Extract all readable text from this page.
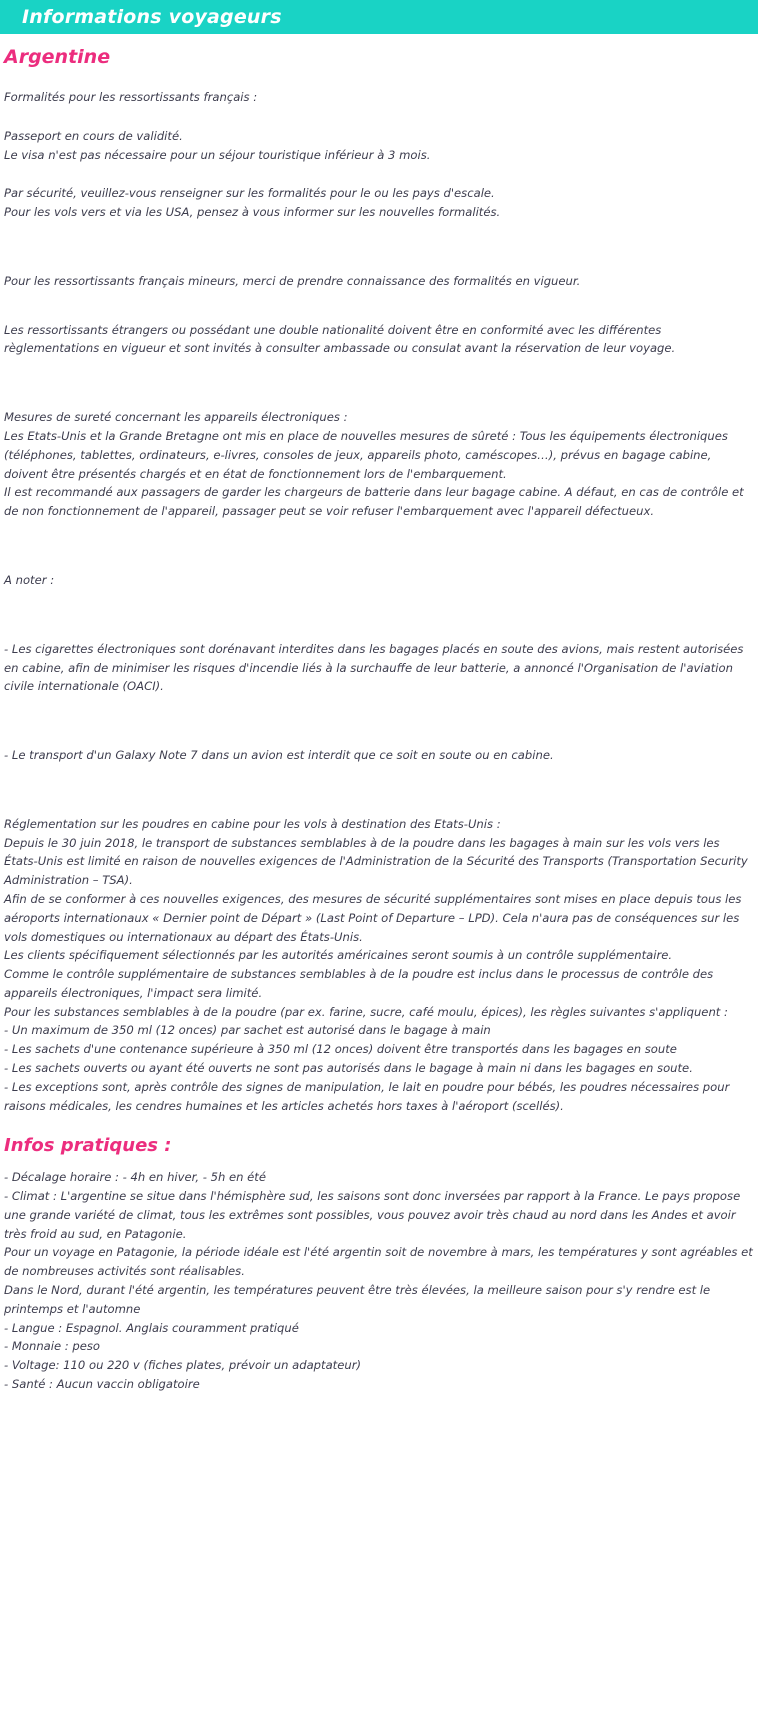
Informations voyageurs
Argentine

Formalités pour les ressortissants français :

Passeport en cours de validité.

Le visa n'est pas nécessaire pour un séjour touristique inférieur à 3 mois.

Par sécurité, veuillez-vous renseigner sur les formalités pour le ou les pays d'escale.

Pour les vols vers et via les USA, pensez à vous informer sur les nouvelles formalités.

Pour les ressortissants français mineurs, merci de prendre connaissance des formalités en vigueur.

Les ressortissants étrangers ou possédant une double nationalité doivent être en conformité avec les différentes règlementations en vigueur et sont invités à consulter ambassade ou consulat avant la réservation de leur voyage.

Mesures de sureté concernant les appareils électroniques :

Les Etats-Unis et la Grande Bretagne ont mis en place de nouvelles mesures de sûreté : Tous les équipements électroniques (téléphones, tablettes, ordinateurs, e-livres, consoles de jeux, appareils photo, caméscopes…), prévus en bagage cabine, doivent être présentés chargés et en état de fonctionnement lors de l'embarquement.

Il est recommandé aux passagers de garder les chargeurs de batterie dans leur bagage cabine. A défaut, en cas de contrôle et de non fonctionnement de l'appareil, passager peut se voir refuser l'embarquement avec l'appareil défectueux.

A noter :

- Les cigarettes électroniques sont dorénavant interdites dans les bagages placés en soute des avions, mais restent autorisées en cabine, afin de minimiser les risques d'incendie liés à la surchauffe de leur batterie, a annoncé l'Organisation de l'aviation civile internationale (OACI).

- Le transport d'un Galaxy Note 7 dans un avion est interdit que ce soit en soute ou en cabine.

Réglementation sur les poudres en cabine pour les vols à destination des Etats-Unis :

Depuis le 30 juin 2018, le transport de substances semblables à de la poudre dans les bagages à main sur les vols vers les États-Unis est limité en raison de nouvelles exigences de l'Administration de la Sécurité des Transports (Transportation Security Administration – TSA).

Afin de se conformer à ces nouvelles exigences, des mesures de sécurité supplémentaires sont mises en place depuis tous les aéroports internationaux « Dernier point de Départ » (Last Point of Departure – LPD). Cela n'aura pas de conséquences sur les vols domestiques ou internationaux au départ des États-Unis.

Les clients spécifiquement sélectionnés par les autorités américaines seront soumis à un contrôle supplémentaire.

Comme le contrôle supplémentaire de substances semblables à de la poudre est inclus dans le processus de contrôle des appareils électroniques, l'impact sera limité.

Pour les substances semblables à de la poudre (par ex. farine, sucre, café moulu, épices), les règles suivantes s'appliquent :

- Un maximum de 350 ml (12 onces) par sachet est autorisé dans le bagage à main

- Les sachets d'une contenance supérieure à 350 ml (12 onces) doivent être transportés dans les bagages en soute

- Les sachets ouverts ou ayant été ouverts ne sont pas autorisés dans le bagage à main ni dans les bagages en soute.

- Les exceptions sont, après contrôle des signes de manipulation, le lait en poudre pour bébés, les poudres nécessaires pour raisons médicales, les cendres humaines et les articles achetés hors taxes à l'aéroport (scellés).

Infos pratiques :

- Décalage horaire : - 4h en hiver, - 5h en été

- Climat : L'argentine se situe dans l'hémisphère sud, les saisons sont donc inversées par rapport à la France. Le pays propose une grande variété de climat, tous les extrêmes sont possibles, vous pouvez avoir très chaud au nord dans les Andes et avoir très froid au sud, en Patagonie.

Pour un voyage en Patagonie, la période idéale est l'été argentin soit de novembre à mars, les températures y sont agréables et de nombreuses activités sont réalisables.

Dans le Nord, durant l'été argentin, les températures peuvent être très élevées, la meilleure saison pour s'y rendre est le printemps et l'automne

- Langue : Espagnol. Anglais couramment pratiqué

- Monnaie : peso

- Voltage: 110 ou 220 v (fiches plates, prévoir un adaptateur)

- Santé : Aucun vaccin obligatoire
